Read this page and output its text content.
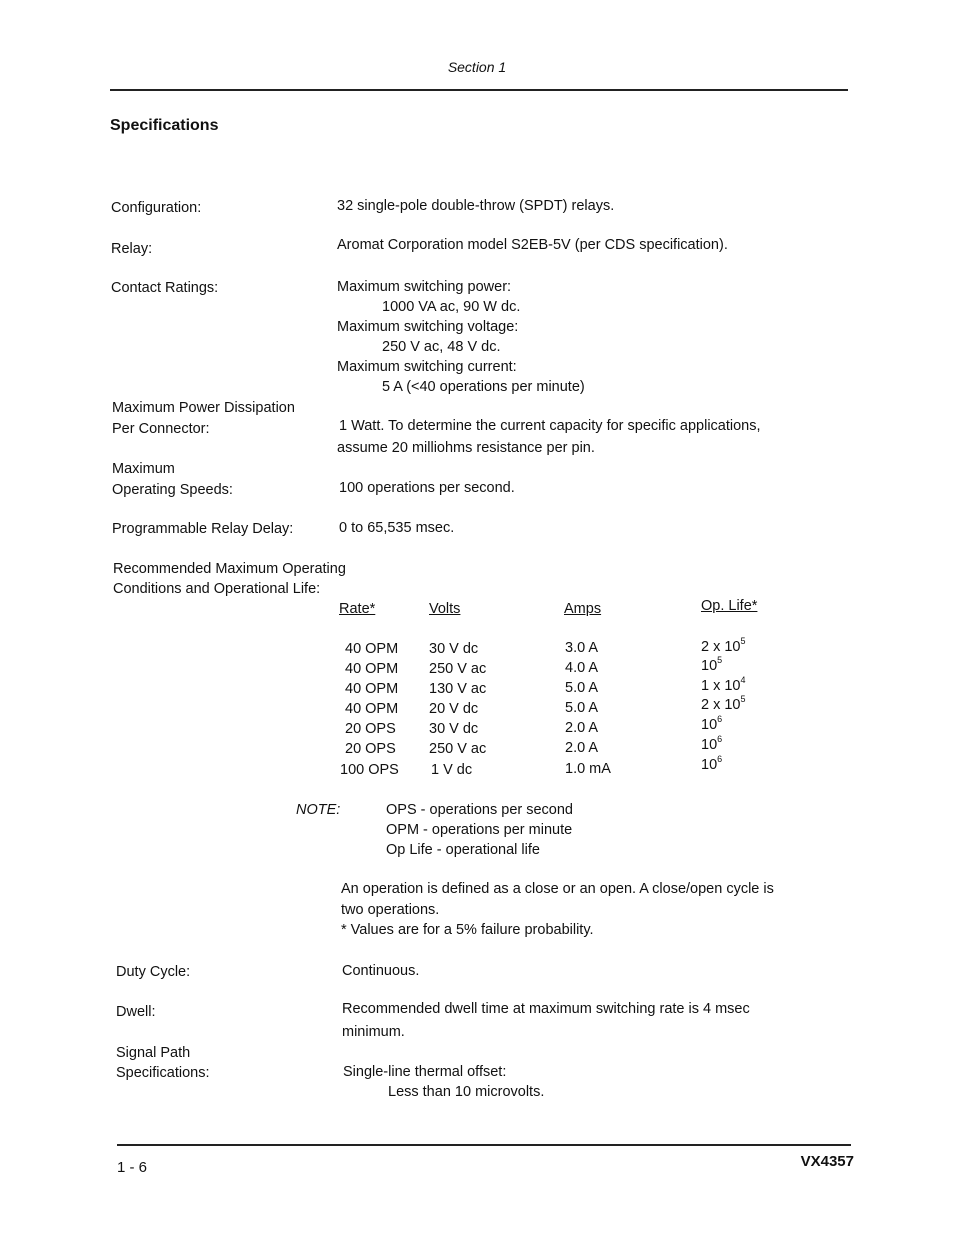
Section 1
Specifications
Configuration:	32 single-pole double-throw (SPDT) relays.
Relay:	Aromat Corporation model S2EB-5V (per CDS specification).
Contact Ratings:	Maximum switching power:
1000 VA ac, 90 W dc.
Maximum switching voltage:
250 V ac, 48 V dc.
Maximum switching current:
5 A (<40 operations per minute)
Maximum Power Dissipation
Per Connector:	1 Watt. To determine the current capacity for specific applications,
assume 20 milliohms resistance per pin.
Maximum
Operating Speeds:	100 operations per second.
Programmable Relay Delay:	0 to 65,535 msec.
Recommended Maximum Operating
Conditions and Operational Life:
Rate*	Volts	Amps	Op. Life*
40 OPM 30 V dc	3.0 A	2 x $10^5$
40 OPM 250 V ac	4.0 A	$10^5$
40 OPM 130 V ac	5.0 A	1 x $10^4$
40 OPM 20 V dc	5.0 A	2 x $10^5$
20 OPS 30 V dc	2.0 A	$10^6$
20 OPS 250 V ac	2.0 A	$10^6$
100 OPS 1 V dc	1.0 mA	$10^6$
NOTE:	OPS - operations per second
OPM - operations per minute
Op Life - operational life
An operation is defined as a close or an open. A close/open cycle is
two operations.
* Values are for a 5% failure probability.
Duty Cycle:	Continuous.
Dwell:	Recommended dwell time at maximum switching rate is 4 msec
minimum.
Signal Path
Specifications:	Single-line thermal offset:
Less than 10 microvolts.
1 - 6	VX4357
